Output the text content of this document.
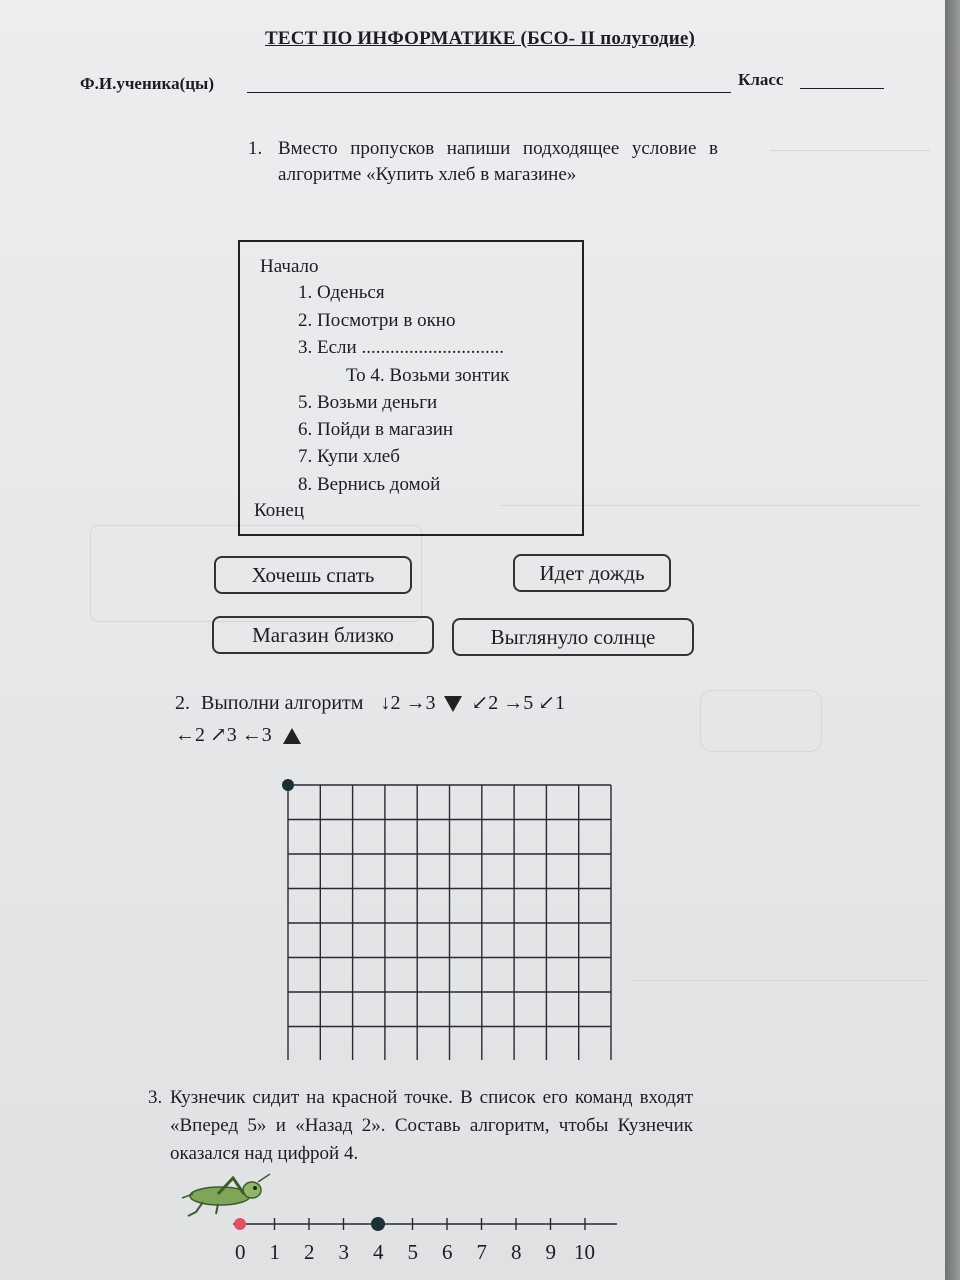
ТЕСТ ПО ИНФОРМАТИКЕ (БСО- II полугодие)
Ф.И.ученика(цы)	Класс
1. Вместо пропусков напиши подходящее условие в алгоритме «Купить хлеб в магазине»
Начало
1. Оденься
2. Посмотри в окно
3. Если ..............................
То 4. Возьми зонтик
5. Возьми деньги
6. Пойди в магазин
7. Купи хлеб
8. Вернись домой
Конец
Хочешь спать	Идет дождь
Магазин близко	Выглянуло солнце
2. Выполни алгоритм ↓2 →3 ↙2 →5 ↙1
←2 ↗3 ←3
3. Кузнечик сидит на красной точке. В список его команд входят «Вперед 5» и «Назад 2». Составь алгоритм, чтобы Кузнечик оказался над цифрой 4.
0 1 2 3 4 5 6 7 8 9 10
